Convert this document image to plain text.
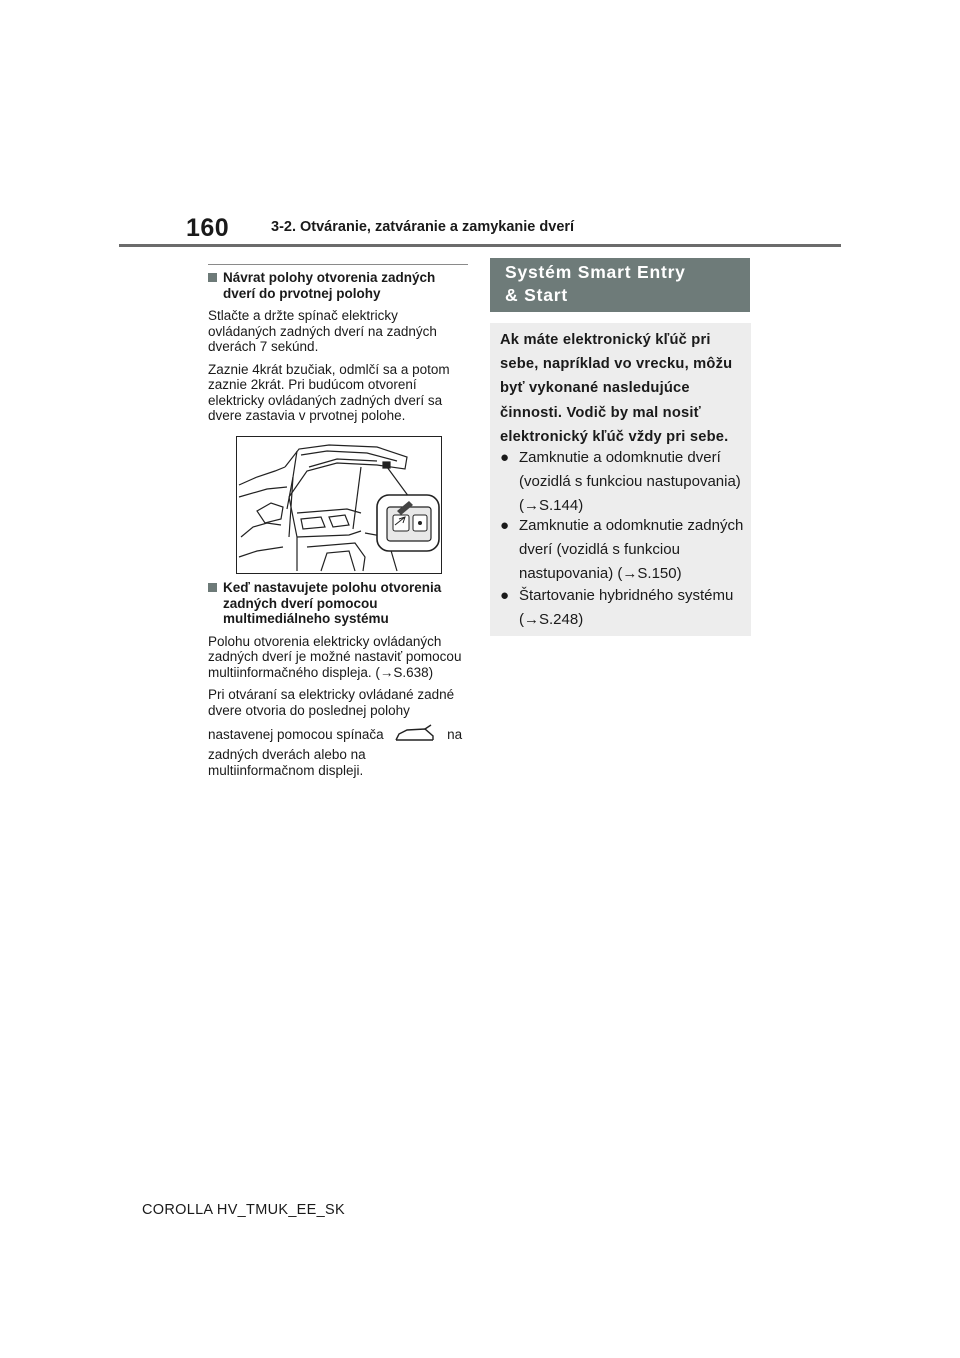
160	3-2. Otváranie, zatváranie a zamykanie dverí
Návrat polohy otvorenia zadných dverí do prvotnej polohy

Stlačte a držte spínač elektricky ovládaných zadných dverí na zadných dverách 7 sekúnd.

Zaznie 4krát bzučiak, odmlčí sa a potom zaznie 2krát. Pri budúcom otvorení elektricky ovládaných zadných dverí sa dvere zastavia v prvotnej polohe.

Keď nastavujete polohu otvorenia zadných dverí pomocou multimediálneho systému

Polohu otvorenia elektricky ovládaných zadných dverí je možné nastaviť pomocou multiinformačného displeja. (→S.638)

Pri otváraní sa elektricky ovládané zadné dvere otvoria do poslednej polohy

nastavenej pomocou spínača	na

zadných dverách alebo na multiinformačnom displeji.

Systém Smart Entry
& Start
Ak máte elektronický kľúč pri sebe, napríklad vo vrecku, môžu byť vykonané nasledujúce činnosti. Vodič by mal nosiť elektronický kľúč vždy pri sebe.
● Zamknutie a odomknutie dverí (vozidlá s funkciou nastupovania) (→S.144)
● Zamknutie a odomknutie zadných dverí (vozidlá s funkciou nastupovania) (→S.150)
● Štartovanie hybridného systému (→S.248)
COROLLA HV_TMUK_EE_SK
